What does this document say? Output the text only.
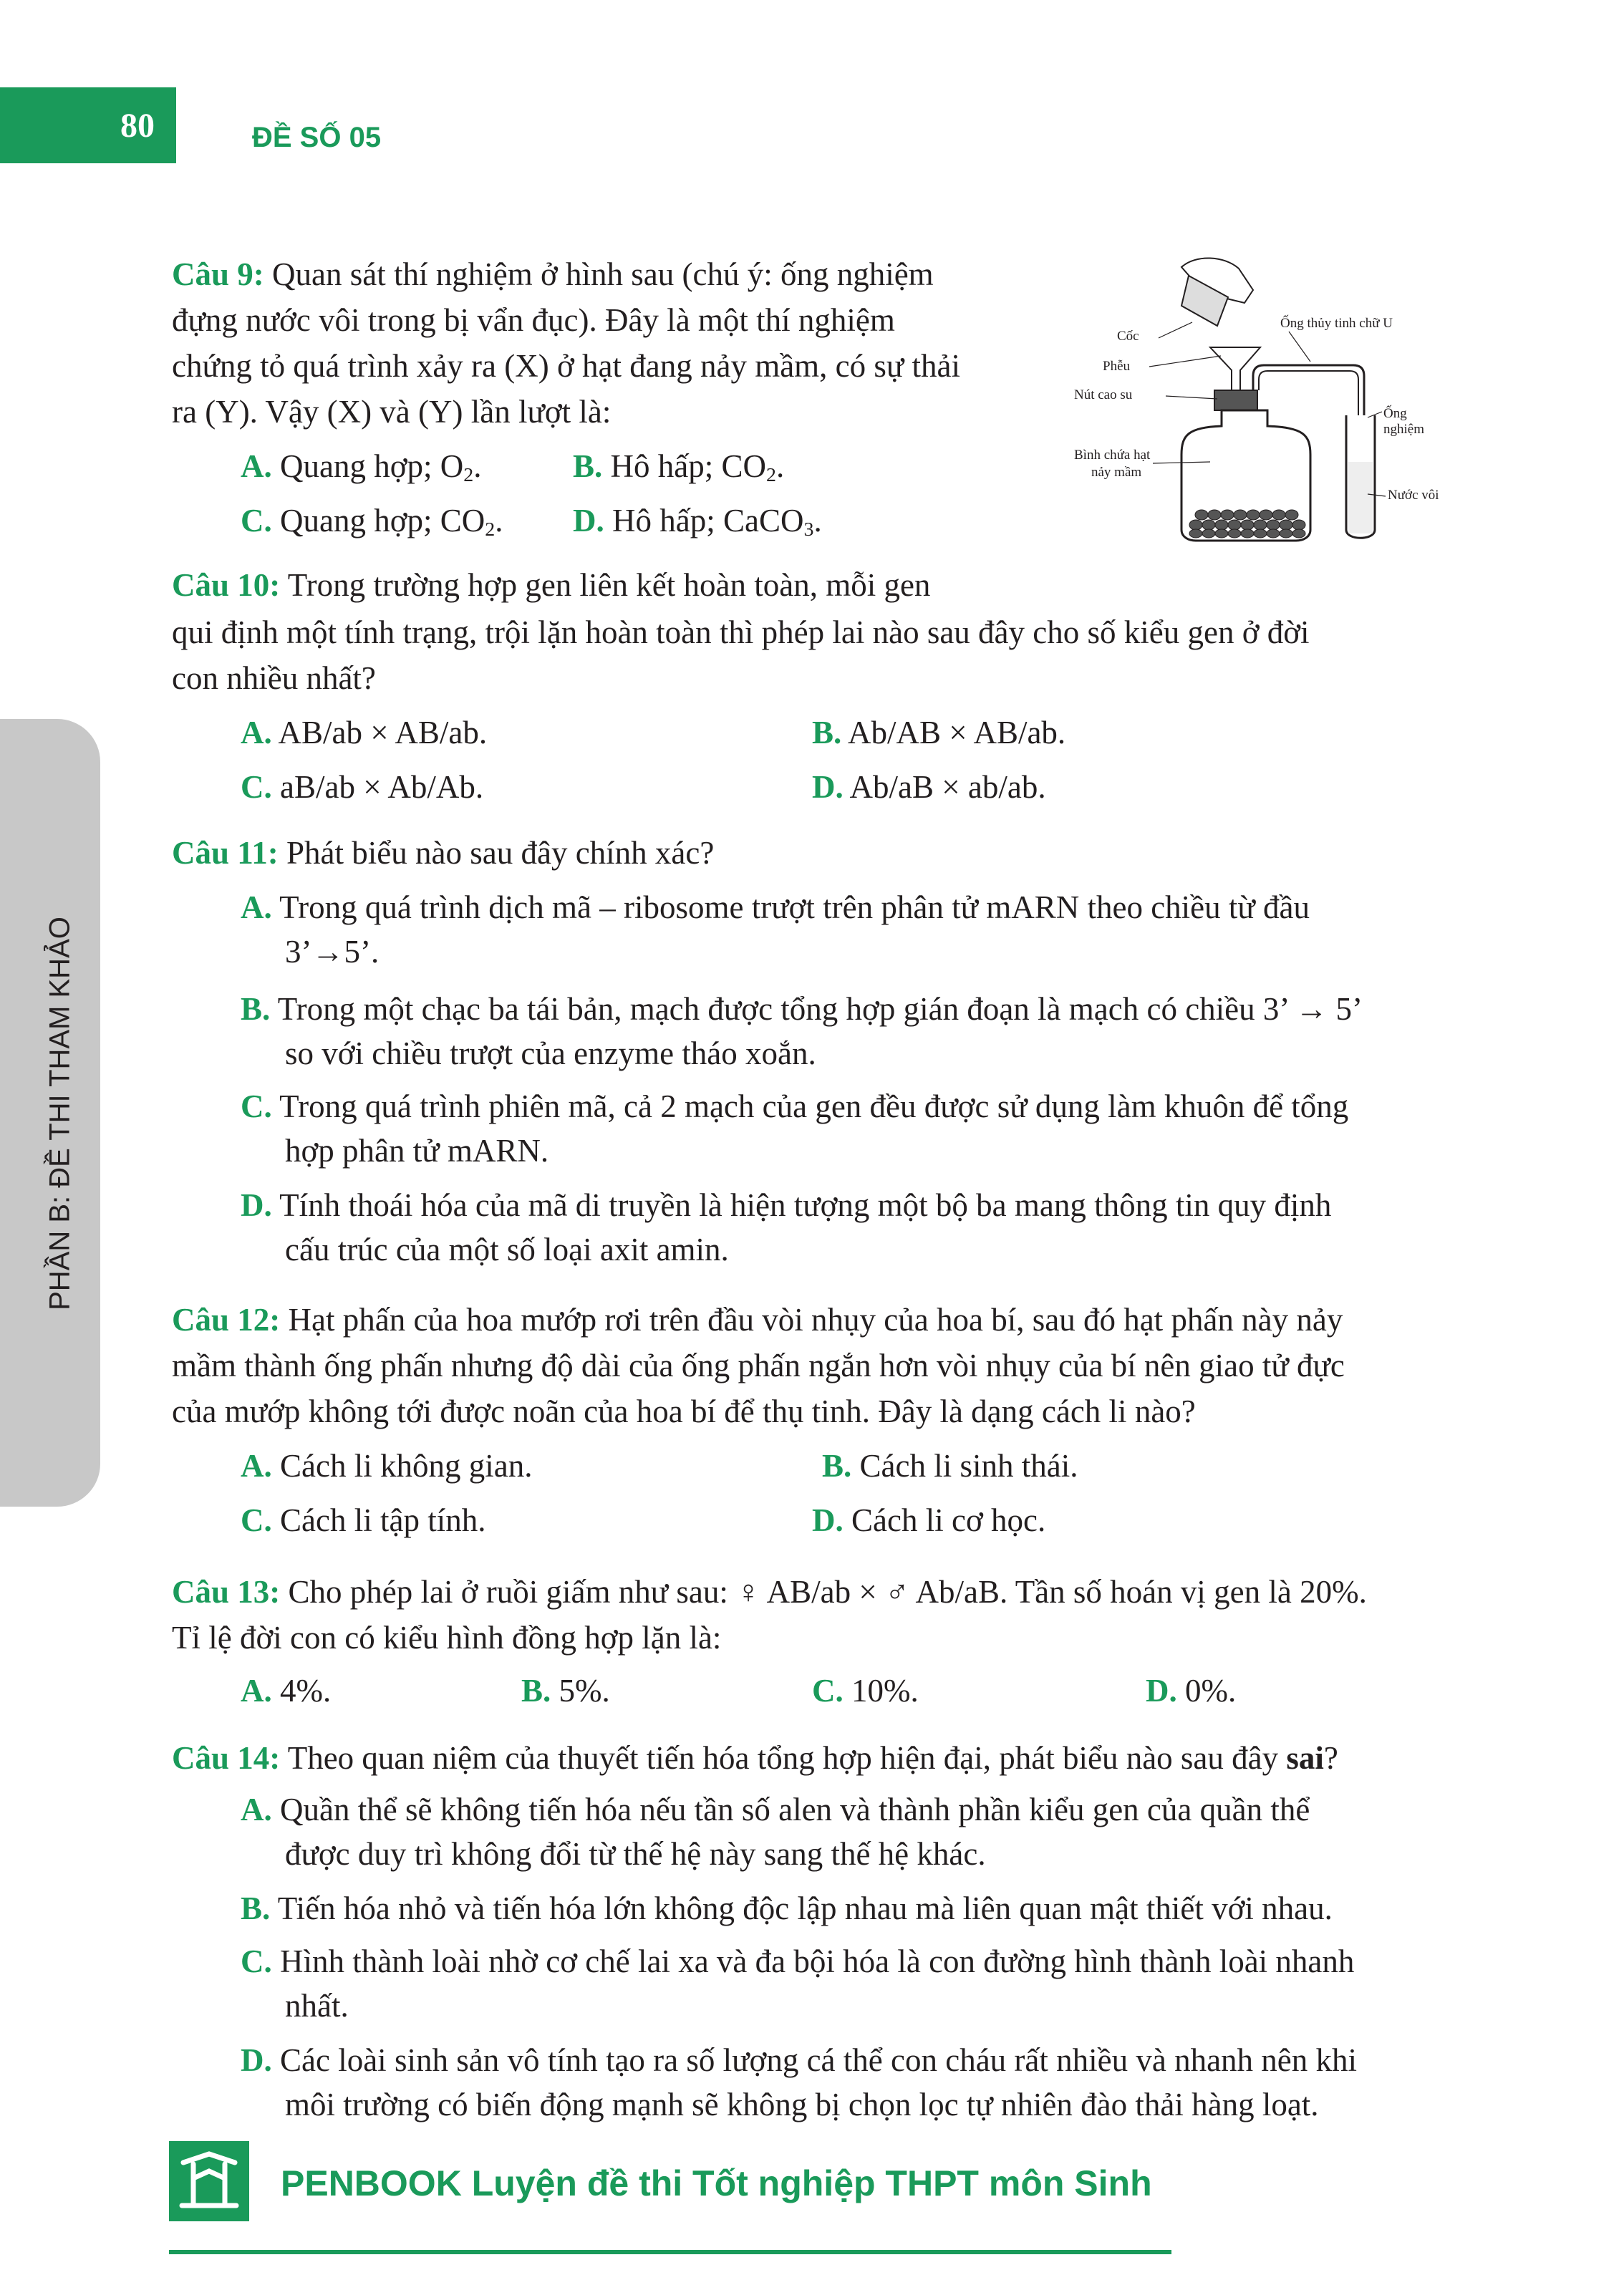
80	ĐỀ SỐ 05
PHẦN B: ĐỀ THI THAM KHẢO

Câu 9: Quan sát thí nghiệm ở hình sau (chú ý: ống nghiệm

đựng nước vôi trong bị vẩn đục). Đây là một thí nghiệm

chứng tỏ quá trình xảy ra (X) ở hạt đang nảy mầm, có sự thải

ra (Y). Vậy (X) và (Y) lần lượt là:

A. Quang hợp; $O_2$.	B. Hô hấp; $CO_2$.
C. Quang hợp; $CO_2$. D. Hô hấp; CaCO$_3$.
Cốc
Phễu
Nút cao su
Bình chứa hạt
nảy mầm
Ống thủy tinh chữ U
Ống
nghiệm
Nước vôi

Câu 10: Trong trường hợp gen liên kết hoàn toàn, mỗi gen

qui định một tính trạng, trội lặn hoàn toàn thì phép lai nào sau đây cho số kiểu gen ở đời

con nhiều nhất?

A. AB/ab × AB/ab.	B. Ab/AB × AB/ab.
C. aB/ab × Ab/Ab.	D. Ab/aB × ab/ab.

Câu 11: Phát biểu nào sau đây chính xác?

A. Trong quá trình dịch mã – ribosome trượt trên phân tử mARN theo chiều từ đầu
3’→5’.
B. Trong một chạc ba tái bản, mạch được tổng hợp gián đoạn là mạch có chiều 3’ → 5’
so với chiều trượt của enzyme tháo xoắn.
C. Trong quá trình phiên mã, cả 2 mạch của gen đều được sử dụng làm khuôn để tổng
hợp phân tử mARN.
D. Tính thoái hóa của mã di truyền là hiện tượng một bộ ba mang thông tin quy định
cấu trúc của một số loại axit amin.

Câu 12: Hạt phấn của hoa mướp rơi trên đầu vòi nhụy của hoa bí, sau đó hạt phấn này nảy

mầm thành ống phấn nhưng độ dài của ống phấn ngắn hơn vòi nhụy của bí nên giao tử đực

của mướp không tới được noãn của hoa bí để thụ tinh. Đây là dạng cách li nào?

A. Cách li không gian.	B. Cách li sinh thái.
C. Cách li tập tính.	D. Cách li cơ học.

Câu 13: Cho phép lai ở ruồi giấm như sau: ♀ AB/ab × ♂ Ab/aB. Tần số hoán vị gen là 20%.

Tỉ lệ đời con có kiểu hình đồng hợp lặn là:

A. 4%.	B. 5%.	C. 10%.	D. 0%.

Câu 14: Theo quan niệm của thuyết tiến hóa tổng hợp hiện đại, phát biểu nào sau đây sai?

A. Quần thể sẽ không tiến hóa nếu tần số alen và thành phần kiểu gen của quần thể
được duy trì không đổi từ thế hệ này sang thế hệ khác.
B. Tiến hóa nhỏ và tiến hóa lớn không độc lập nhau mà liên quan mật thiết với nhau.
C. Hình thành loài nhờ cơ chế lai xa và đa bội hóa là con đường hình thành loài nhanh
nhất.
D. Các loài sinh sản vô tính tạo ra số lượng cá thể con cháu rất nhiều và nhanh nên khi
môi trường có biến động mạnh sẽ không bị chọn lọc tự nhiên đào thải hàng loạt.
PENBOOK Luyện đề thi Tốt nghiệp THPT môn Sinh
